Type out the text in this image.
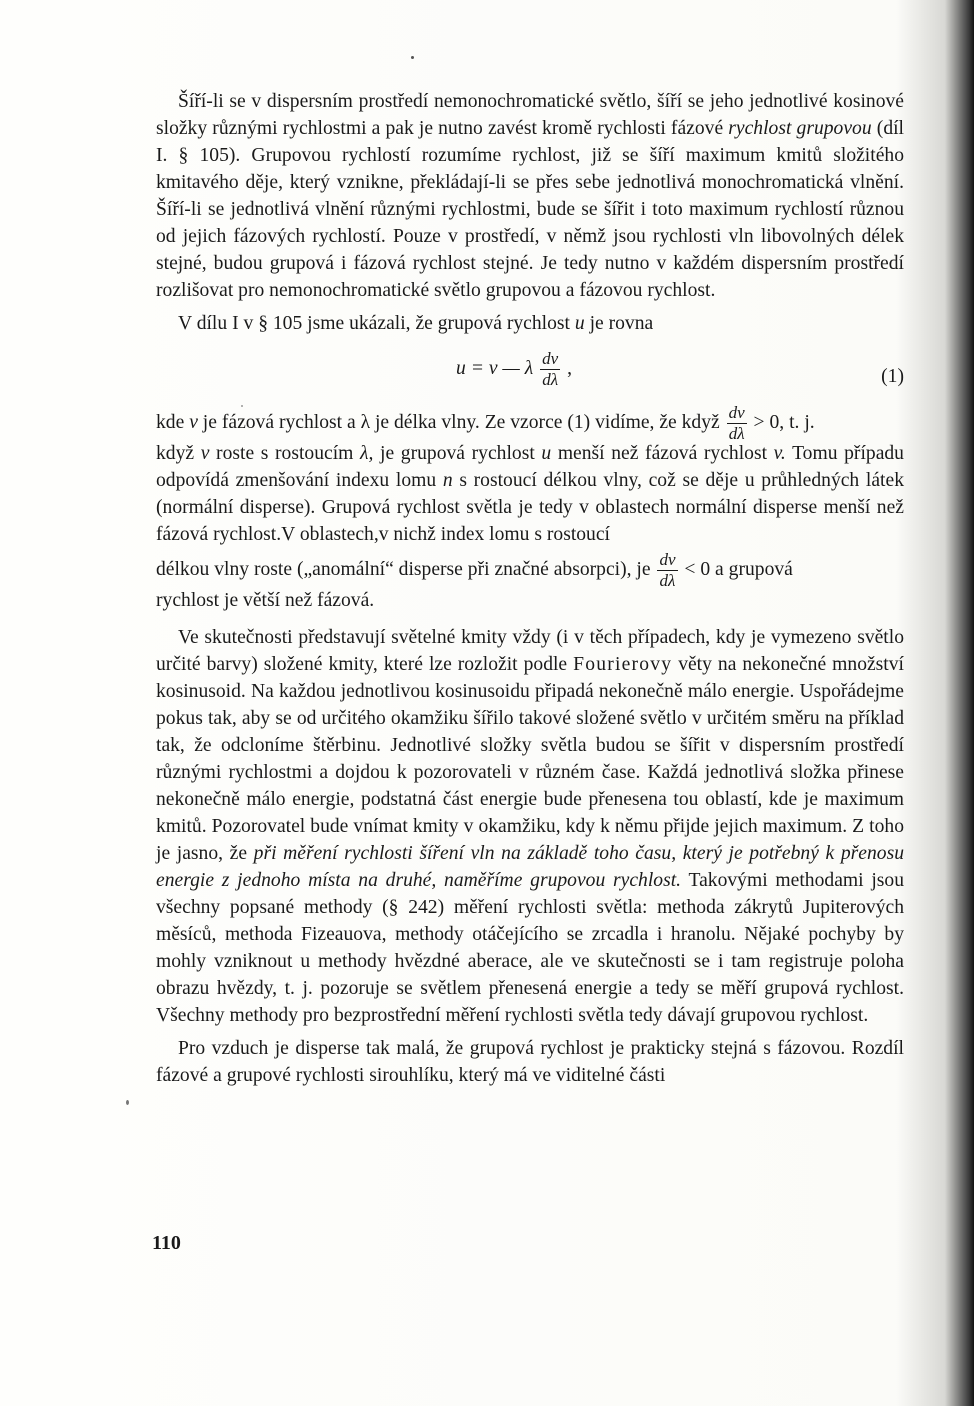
Šíří-li se v dispersním prostředí nemonochromatické světlo, šíří se jeho jednotlivé kosinové složky různými rychlostmi a pak je nutno zavést kromě rychlosti fázové rychlost grupovou (díl I. § 105). Grupovou rychlostí rozumíme rychlost, již se šíří maximum kmitů složitého kmitavého děje, který vznikne, překládají-li se přes sebe jednotlivá monochromatická vlnění. Šíří-li se jednotlivá vlnění různými rychlostmi, bude se šířit i toto maximum rychlostí různou od jejich fázových rychlostí. Pouze v prostředí, v němž jsou rychlosti vln libovolných délek stejné, budou grupová i fázová rychlost stejné. Je tedy nutno v každém dispersním prostředí rozlišovat pro nemonochromatické světlo grupovou a fázovou rychlost.

V dílu I v § 105 jsme ukázali, že grupová rychlost u je rovna

u = v — λ $\frac{dv}{d\lambda}$ ,	(1)

kde v je fázová rychlost a λ je délka vlny. Ze vzorce (1) vidíme, že když $\frac{dv}{d\lambda} > 0$, t. j.

když v roste s rostoucím λ, je grupová rychlost u menší než fázová rychlost v. Tomu případu odpovídá zmenšování indexu lomu n s rostoucí délkou vlny, což se děje u průhledných látek (normální disperse). Grupová rychlost světla je tedy v oblastech normální disperse menší než fázová rychlost.V oblastech,v nichž index lomu s rostoucí

délkou vlny roste („anomální“ disperse při značné absorpci), je $\frac{dv}{d\lambda} < 0$ a grupová

rychlost je větší než fázová.

Ve skutečnosti představují světelné kmity vždy (i v těch případech, kdy je vymezeno světlo určité barvy) složené kmity, které lze rozložit podle Fourierovy věty na nekonečné množství kosinusoid. Na každou jednotlivou kosinusoidu připadá nekonečně málo energie. Uspořádejme pokus tak, aby se od určitého okamžiku šířilo takové složené světlo v určitém směru na příklad tak, že odcloníme štěrbinu. Jednotlivé složky světla budou se šířit v dispersním prostředí různými rychlostmi a dojdou k pozorovateli v různém čase. Každá jednotlivá složka přinese nekonečně málo energie, podstatná část energie bude přenesena tou oblastí, kde je maximum kmitů. Pozorovatel bude vnímat kmity v okamžiku, kdy k němu přijde jejich maximum. Z toho je jasno, že při měření rychlosti šíření vln na základě toho času, který je potřebný k přenosu energie z jednoho místa na druhé, naměříme grupovou rychlost. Takovými methodami jsou všechny popsané methody (§ 242) měření rychlosti světla: methoda zákrytů Jupiterových měsíců, methoda Fizeauova, methody otáčejícího se zrcadla i hranolu. Nějaké pochyby by mohly vzniknout u methody hvězdné aberace, ale ve skutečnosti se i tam registruje poloha obrazu hvězdy, t. j. pozoruje se světlem přenesená energie a tedy se měří grupová rychlost. Všechny methody pro bezprostřední měření rychlosti světla tedy dávají grupovou rychlost.

Pro vzduch je disperse tak malá, že grupová rychlost je prakticky stejná s fázovou. Rozdíl fázové a grupové rychlosti sirouhlíku, který má ve viditelné části

110
